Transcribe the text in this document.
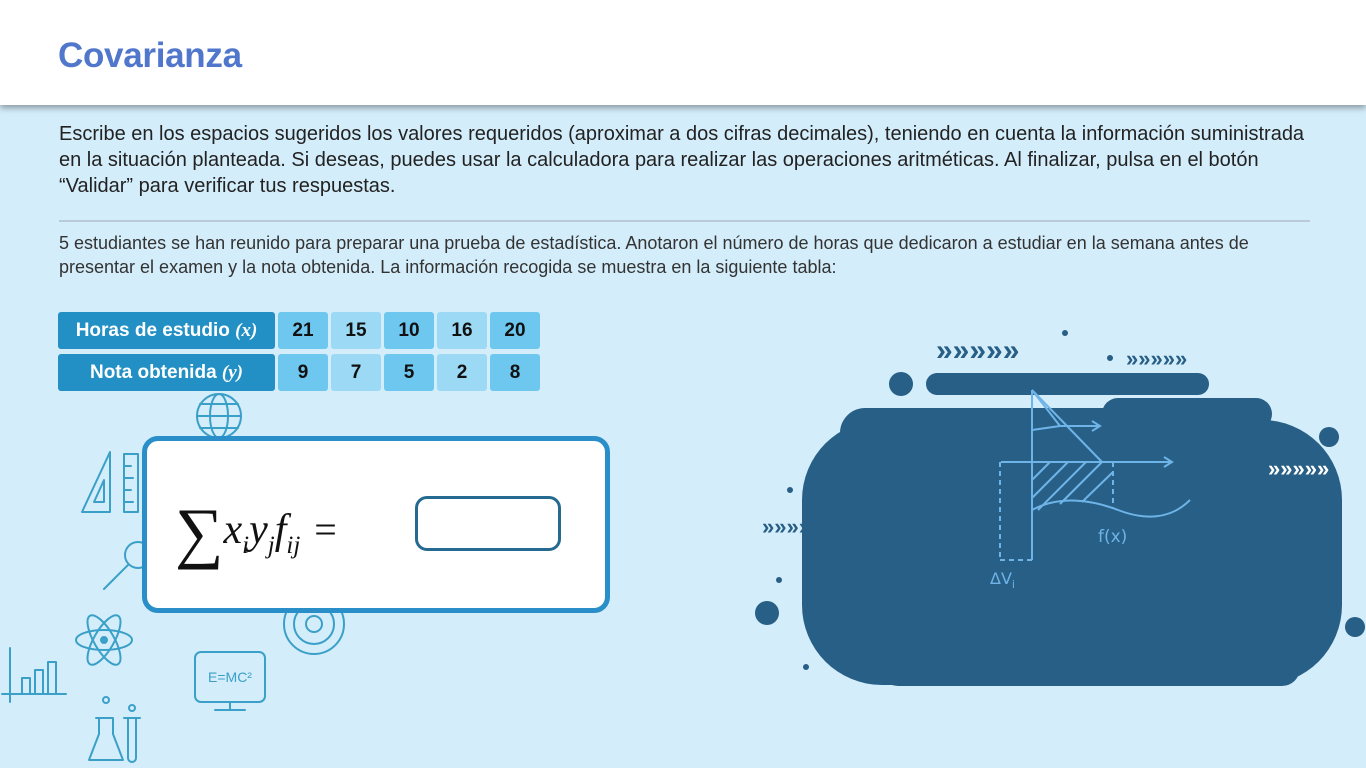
Covarianza

Escribe en los espacios sugeridos los valores requeridos (aproximar a dos cifras decimales), teniendo en cuenta la información suministrada en la situación planteada. Si deseas, puedes usar la calculadora para realizar las operaciones aritméticas. Al finalizar, pulsa en el botón “Validar” para verificar tus respuestas.

5 estudiantes se han reunido para preparar una prueba de estadística. Anotaron el número de horas que dedicaron a estudiar en la semana antes de presentar el examen y la nota obtenida. La información recogida se muestra en la siguiente tabla:

Horas de estudio (x)	21	15	10	16	20
Nota obtenida (y)	9	7	5	2	8
E=MC²
$\sum x_iy_jf_{ij}$ =
»»»»»	»»»»»
»»»»»
»»»»»
f(x)
$\Delta V_i$
